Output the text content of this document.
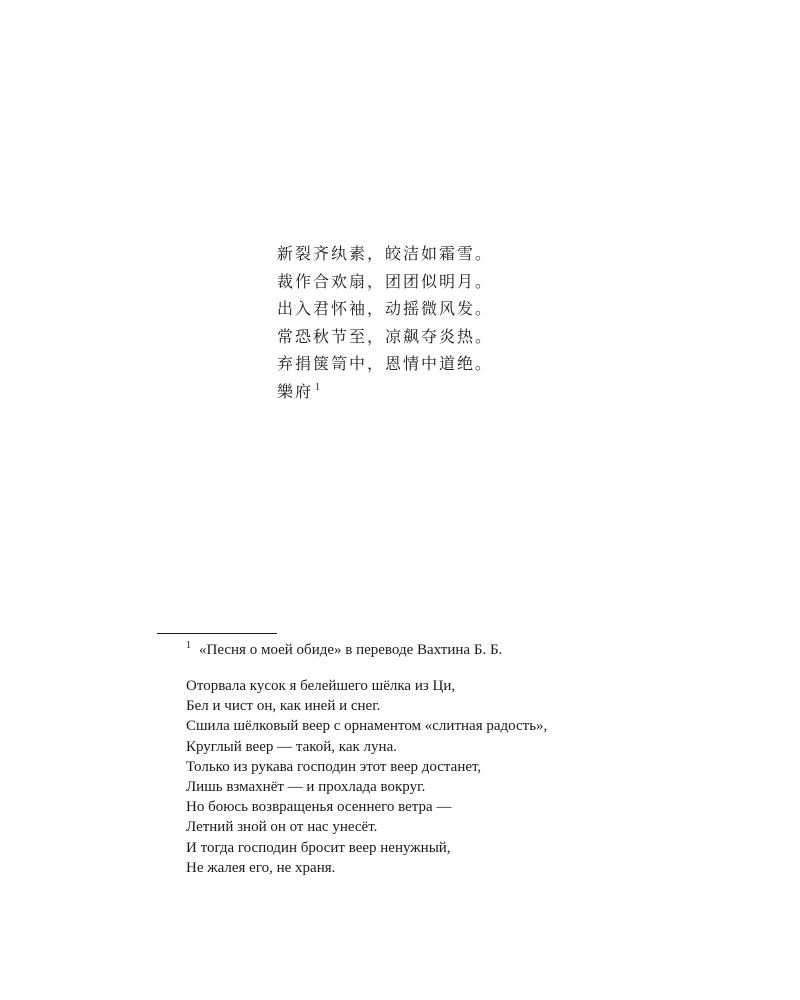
新裂齐纨素，皎洁如霜雪。
裁作合欢扇，团团似明月。
出入君怀袖，动摇微风发。
常恐秋节至，凉飙夺炎热。
弃捐箧笥中，恩情中道绝。
樂府 $^1$
$^1$ «Песня о моей обиде» в переводе Вахтина Б. Б.
Оторвала кусок я белейшего шёлка из Ци,
Бел и чист он, как иней и снег.
Сшила шёлковый веер с орнаментом «слитная радость»,
Круглый веер — такой, как луна.
Только из рукава господин этот веер достанет,
Лишь взмахнёт — и прохлада вокруг.
Но боюсь возвращенья осеннего ветра —
Летний зной он от нас унесёт.
И тогда господин бросит веер ненужный,
Не жалея его, не храня.
